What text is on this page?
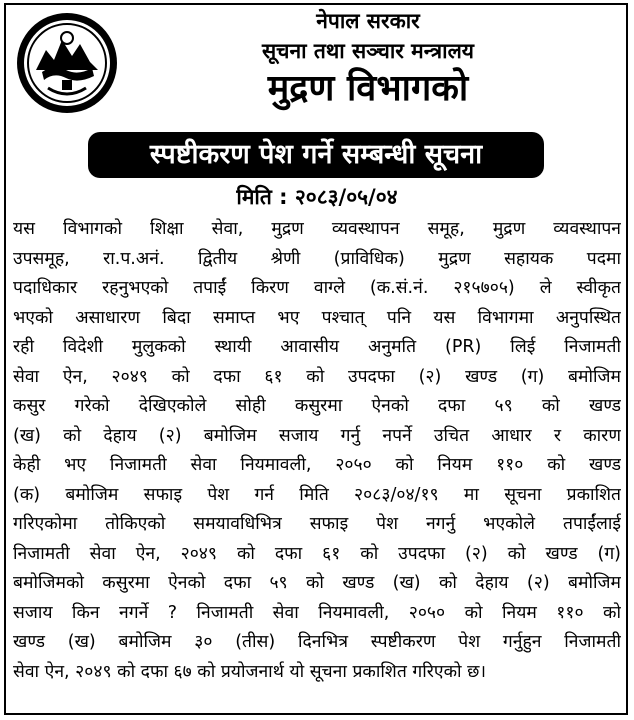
नेपाल सरकार
सूचना तथा सञ्चार मन्त्रालय
मुद्रण विभागको
स्पष्टीकरण पेश गर्ने सम्बन्धी सूचना
मिति : २०८३/०५/०४
यस विभागको शिक्षा सेवा, मुद्रण व्यवस्थापन समूह, मुद्रण व्यवस्थापन
उपसमूह, रा.प.अनं. द्वितीय श्रेणी (प्राविधिक) मुद्रण सहायक पदमा
पदाधिकार रहनुभएको तपाईं किरण वाग्ले (क.सं.नं. २१५७०५) ले स्वीकृत
भएको असाधारण बिदा समाप्त भए पश्चात् पनि यस विभागमा अनुपस्थित
रही विदेशी मुलुकको स्थायी आवासीय अनुमति (PR) लिई निजामती
सेवा ऐन, २०४९ को दफा ६१ को उपदफा (२) खण्ड (ग) बमोजिम
कसुर गरेको देखिएकोले सोही कसुरमा ऐनको दफा ५९ को खण्ड
(ख) को देहाय (२) बमोजिम सजाय गर्नु नपर्ने उचित आधार र कारण
केही भए निजामती सेवा नियमावली, २०५० को नियम ११० को खण्ड
(क) बमोजिम सफाइ पेश गर्न मिति २०८३/०४/१९ मा सूचना प्रकाशित
गरिएकोमा तोकिएको समयावधिभित्र सफाइ पेश नगर्नु भएकोले तपाईंलाई
निजामती सेवा ऐन, २०४९ को दफा ६१ को उपदफा (२) को खण्ड (ग)
बमोजिमको कसुरमा ऐनको दफा ५९ को खण्ड (ख) को देहाय (२) बमोजिम
सजाय किन नगर्ने ? निजामती सेवा नियमावली, २०५० को नियम ११० को
खण्ड (ख) बमोजिम ३० (तीस) दिनभित्र स्पष्टीकरण पेश गर्नुहुन निजामती
सेवा ऐन, २०४९ को दफा ६७ को प्रयोजनार्थ यो सूचना प्रकाशित गरिएको छ।
